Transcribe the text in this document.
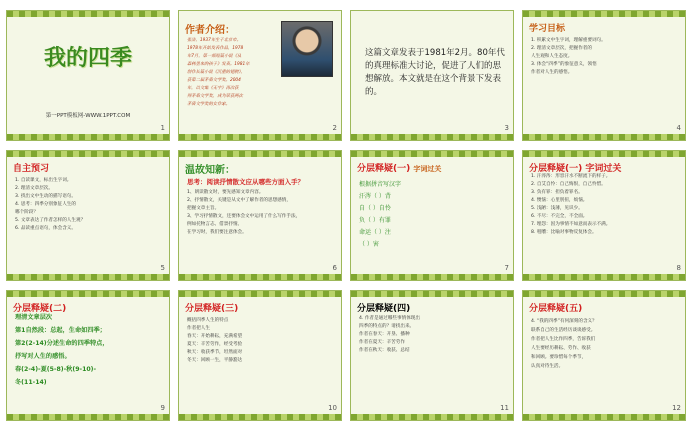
我的四季
第一PPT模板网-WWW.1PPT.COM
1
作者介绍：
张洁，1937年生于北京市。
1978年开始发表作品，1978
年7月，第一部短篇小说《从
森林里来的孩子》发表。1981年
创作长篇小说《沉重的翅膀》，
获第二届茅盾文学奖。2004
年，以文集《无字》再次获
得茅盾文学奖，成为荣获两次
茅盾文学奖的女作家。
2
这篇文章发表于1981年2月。80年代的真理标准大讨论，促进了人们的思想解放。本文就是在这个背景下发表的。
3
学习目标
1. 积累文中生字词，理解重要词句。
2. 理清文章层次，把握作者的
人生观和人生态度。
3. 体会“四季”的象征意义，领悟
作者对人生的感悟。
4
自主预习
1. 自读课文，标出生字词。
2. 理清文章层次。
3. 找出文中生动的描写语句。
4. 思考：四季分别象征人生的
哪个阶段？
5. 文章表达了作者怎样的人生观？
6. 品读重点语句，体会含义。
5
温故知新：
思考：阅读抒情散文应从哪些方面入手？
1、朗读散文时，要先感知文章内容。
2、抒情散文，关键是从文中了解作者的思想感情，
把握文章主旨。
3、学习抒情散文，还要体会文中运用了什么写作手法，
例如托物言志、借景抒情。
在学习时，我们要注意体会。
6
分层释疑(一) 字词过关
根据拼音写汉字
汗涔（ ）背
自（ ）自怜
负（ ）有罪
命运（ ）注
（ ）害
7
分层释疑(一) 字词过关
1. 汗涔涔：形容汗水不断流下的样子。
2. 自艾自怜：自己悔恨，自己怜惜。
3. 负有罪：担负着罪名。
4. 懊恼：心里别扭，烦恼。
5. 浅陋：浅薄，见识少。
6. 不尽：不完全，不全面。
7. 埋怨：因为事情不如意而表示不满。
8. 咀嚼：比喻对事物反复体会。
8
分层释疑(二)
理清文章层次
第1自然段：总起，生命如四季；
第2(2-14)分述生命的四季特点，
抒写对人生的感悟。
春(2-4)-夏(5-8)-秋(9-10)-
冬(11-14)
9
分层释疑(三)
概括四季人生的特点
作者把人生
春天：开始耕耘，充满希望
夏天：辛苦劳作，经受考验
秋天：收获季节，坦然面对
冬天：回顾一生，平静豁达
10
分层释疑(四)
4. 作者是通过哪些事情体现出
四季的特点的？请找出来。
作者在春天：开垦、播种
作者在夏天：辛苦劳作
作者在秋天：收获、总结
11
分层释疑(五)
4. “我的四季”有何深刻的含义？
联系自己的生活经历谈谈感受。
作者把人生比作四季，告诉我们
人生要经历耕耘、劳作、收获
和回顾。要珍惜每个季节，
认真对待生活。
12
